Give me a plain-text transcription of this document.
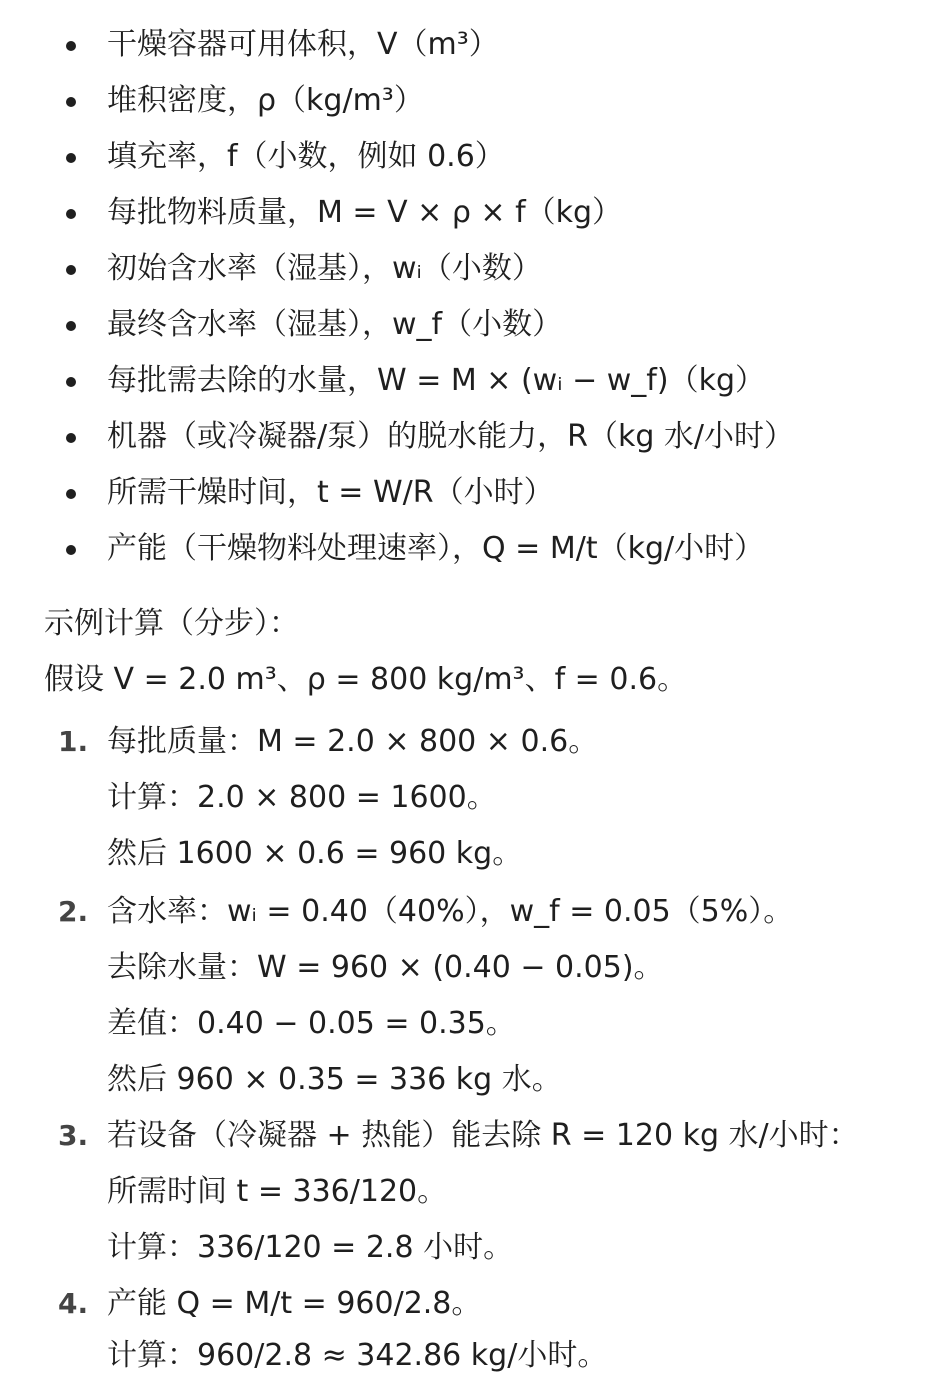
干燥容器可用体积，V（m³）
堆积密度，ρ（kg/m³）
填充率，f（小数，例如 0.6）
每批物料质量，M = V × ρ × f（kg）
初始含水率（湿基），wᵢ（小数）
最终含水率（湿基），w_f（小数）
每批需去除的水量，W = M × (wᵢ − w_f)（kg）
机器（或冷凝器/泵）的脱水能力，R（kg 水/小时）
所需干燥时间，t = W/R（小时）
产能（干燥物料处理速率），Q = M/t（kg/小时）
示例计算（分步）：
假设 V = 2.0 m³、ρ = 800 kg/m³、f = 0.6。
1. 每批质量：M = 2.0 × 800 × 0.6。
计算：2.0 × 800 = 1600。
然后 1600 × 0.6 = 960 kg。
2. 含水率：wᵢ = 0.40（40%），w_f = 0.05（5%）。
去除水量：W = 960 × (0.40 − 0.05)。
差值：0.40 − 0.05 = 0.35。
然后 960 × 0.35 = 336 kg 水。
3. 若设备（冷凝器 + 热能）能去除 R = 120 kg 水/小时：
所需时间 t = 336/120。
计算：336/120 = 2.8 小时。
4. 产能 Q = M/t = 960/2.8。
计算：960/2.8 ≈ 342.86 kg/小时。
